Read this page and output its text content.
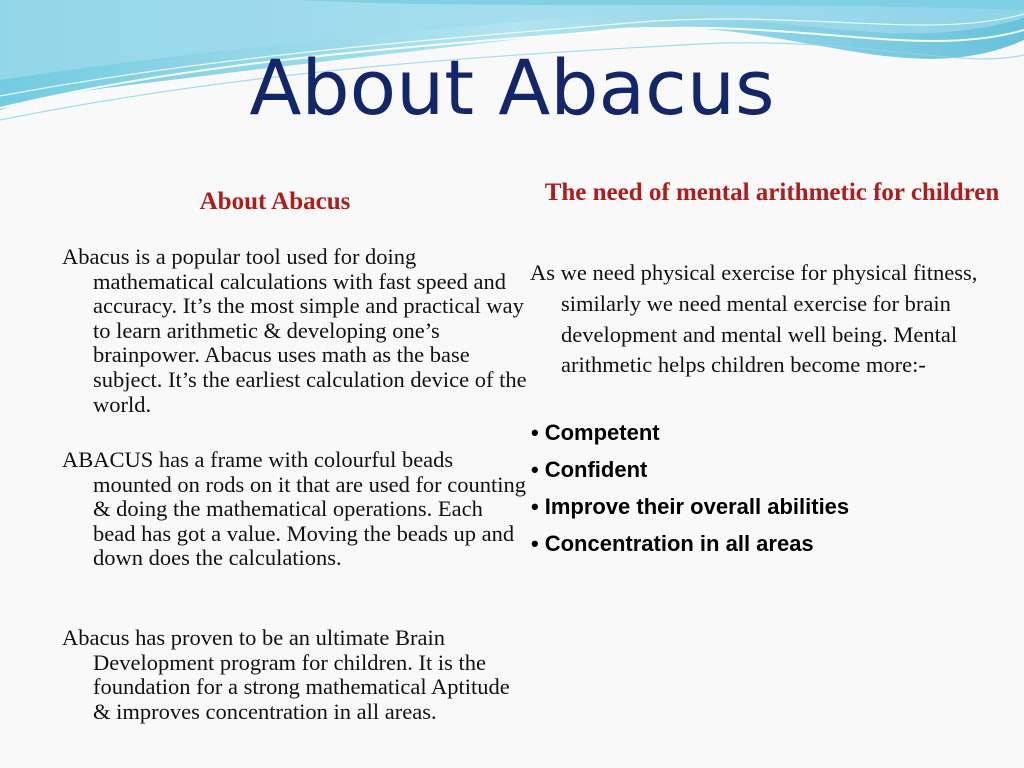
About Abacus
About Abacus	The need of mental arithmetic for children

Abacus is a popular tool used for doing mathematical calculations with fast speed and accuracy. It’s the most simple and practical way to learn arithmetic & developing one’s brainpower. Abacus uses math as the base subject. It’s the earliest calculation device of the world.

ABACUS has a frame with colourful beads mounted on rods on it that are used for counting & doing the mathematical operations. Each bead has got a value. Moving the beads up and down does the calculations.

Abacus has proven to be an ultimate Brain Development program for children. It is the foundation for a strong mathematical Aptitude & improves concentration in all areas.

As we need physical exercise for physical fitness, similarly we need mental exercise for brain development and mental well being. Mental arithmetic helps children become more:-

• Competent
• Confident
• Improve their overall abilities
• Concentration in all areas
